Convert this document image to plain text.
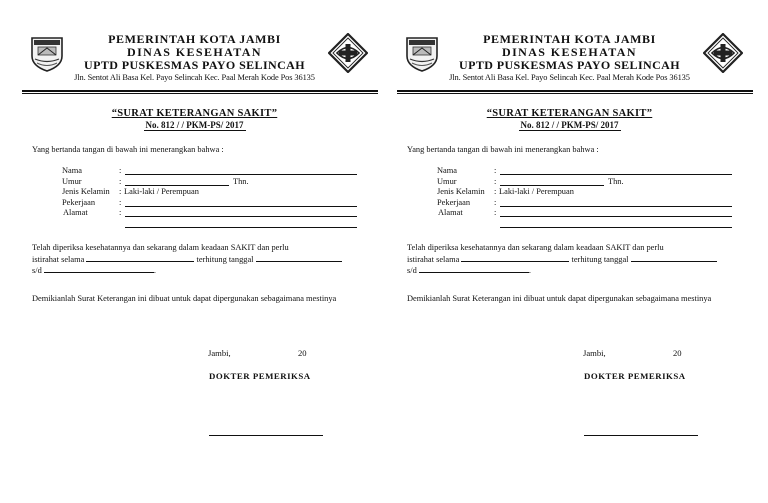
PEMERINTAH KOTA JAMBI
DINAS KESEHATAN
UPTD PUSKESMAS PAYO SELINCAH
Jln. Sentot Ali Basa Kel. Payo Selincah Kec. Paal Merah Kode Pos 36135
“SURAT KETERANGAN SAKIT”
No. 812 / / PKM-PS/ 2017
Yang bertanda tangan di bawah ini menerangkan bahwa :
Nama	:
Umur	:	Thn.
Jenis Kelamin : Laki-laki / Perempuan
Pekerjaan	:
Alamat	:
Telah diperiksa kesehatannya dan sekarang dalam keadaan SAKIT dan perlu
istirahat selama	terhitung tanggal
s/d	.
Demikianlah Surat Keterangan ini dibuat untuk dapat dipergunakan sebagaimana mestinya
Jambi,	20
DOKTER PEMERIKSA
PEMERINTAH KOTA JAMBI
DINAS KESEHATAN
UPTD PUSKESMAS PAYO SELINCAH
Jln. Sentot Ali Basa Kel. Payo Selincah Kec. Paal Merah Kode Pos 36135
“SURAT KETERANGAN SAKIT”
No. 812 / / PKM-PS/ 2017
Yang bertanda tangan di bawah ini menerangkan bahwa :
Nama	:
Umur	:	Thn.
Jenis Kelamin : Laki-laki / Perempuan
Pekerjaan	:
Alamat	:
Telah diperiksa kesehatannya dan sekarang dalam keadaan SAKIT dan perlu
istirahat selama	terhitung tanggal
s/d	.
Demikianlah Surat Keterangan ini dibuat untuk dapat dipergunakan sebagaimana mestinya
Jambi,	20
DOKTER PEMERIKSA
